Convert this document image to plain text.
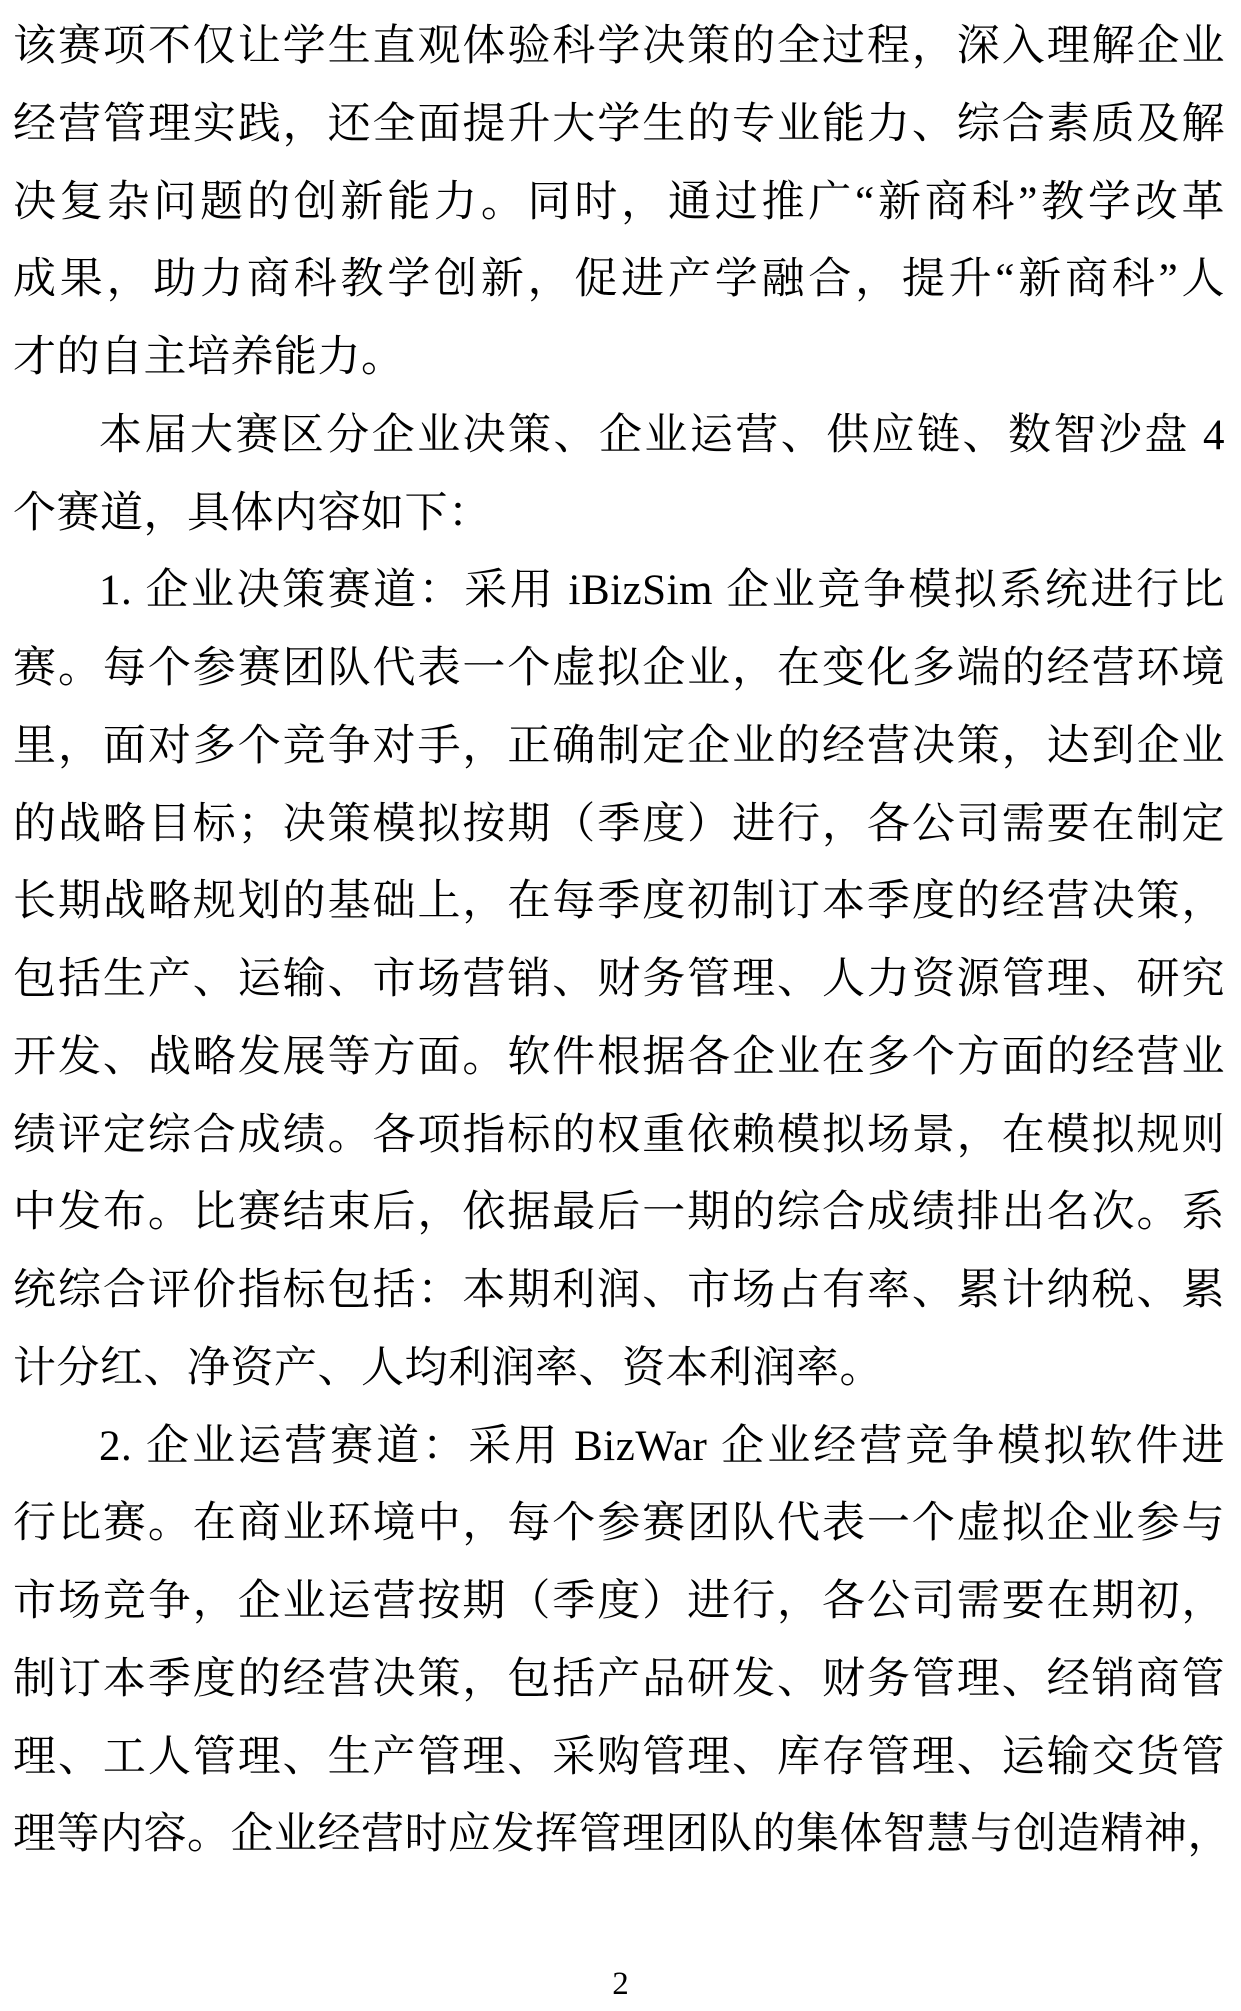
该赛项不仅让学生直观体验科学决策的全过程，深入理解企业
经营管理实践，还全面提升大学生的专业能力、综合素质及解
决复杂问题的创新能力。同时，通过推广“新商科”教学改革
成果，助力商科教学创新，促进产学融合，提升“新商科”人
才的自主培养能力。
本届大赛区分企业决策、企业运营、供应链、数智沙盘 4
个赛道，具体内容如下：
1. 企业决策赛道：采用 iBizSim 企业竞争模拟系统进行比
赛。每个参赛团队代表一个虚拟企业，在变化多端的经营环境
里，面对多个竞争对手，正确制定企业的经营决策，达到企业
的战略目标；决策模拟按期（季度）进行，各公司需要在制定
长期战略规划的基础上，在每季度初制订本季度的经营决策，
包括生产、运输、市场营销、财务管理、人力资源管理、研究
开发、战略发展等方面。软件根据各企业在多个方面的经营业
绩评定综合成绩。各项指标的权重依赖模拟场景，在模拟规则
中发布。比赛结束后，依据最后一期的综合成绩排出名次。系
统综合评价指标包括：本期利润、市场占有率、累计纳税、累
计分红、净资产、人均利润率、资本利润率。
2. 企业运营赛道：采用 BizWar 企业经营竞争模拟软件进
行比赛。在商业环境中，每个参赛团队代表一个虚拟企业参与
市场竞争，企业运营按期（季度）进行，各公司需要在期初，
制订本季度的经营决策，包括产品研发、财务管理、经销商管
理、工人管理、生产管理、采购管理、库存管理、运输交货管
理等内容。企业经营时应发挥管理团队的集体智慧与创造精神，
2
